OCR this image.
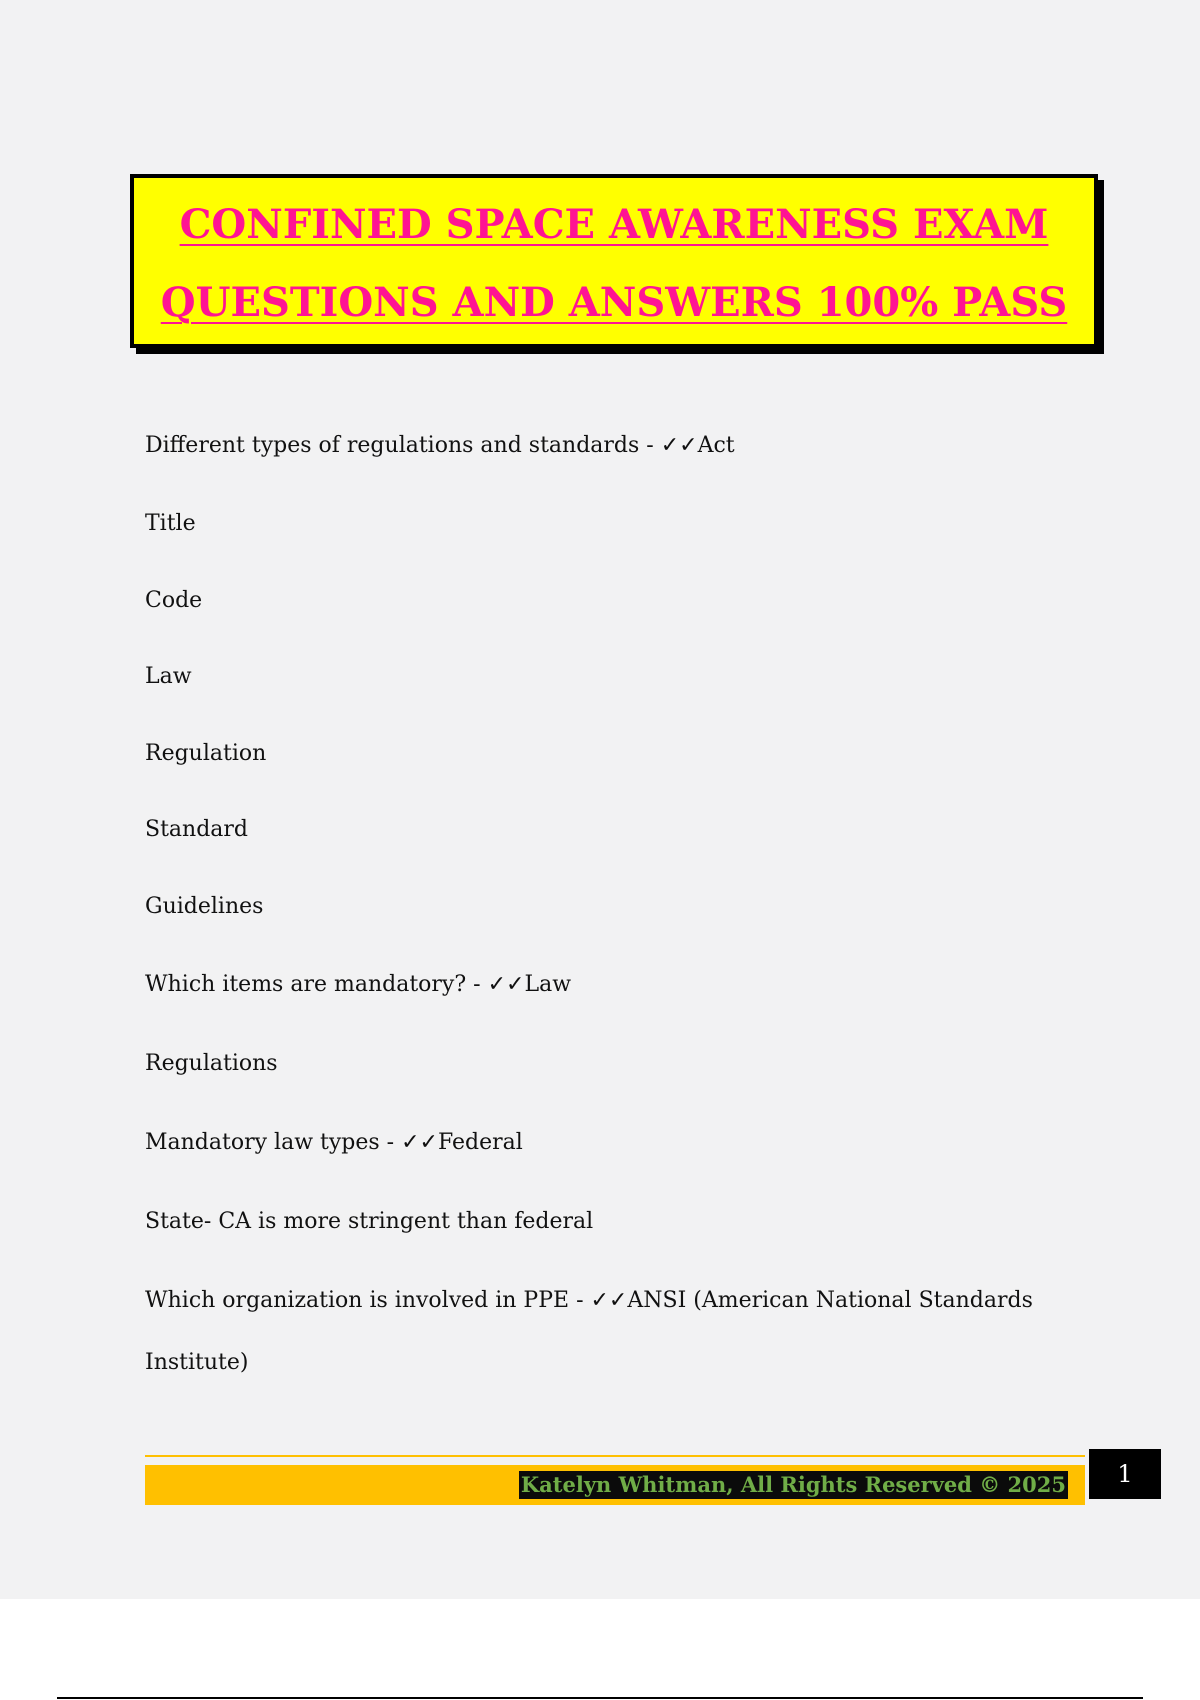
CONFINED SPACE AWARENESS EXAM
QUESTIONS AND ANSWERS 100% PASS

Different types of regulations and standards - ✓✓Act

Title

Code

Law

Regulation

Standard

Guidelines

Which items are mandatory? - ✓✓Law

Regulations

Mandatory law types - ✓✓Federal

State- CA is more stringent than federal

Which organization is involved in PPE - ✓✓ANSI (American National Standards

Institute)

Katelyn Whitman, All Rights Reserved © 2025	1
